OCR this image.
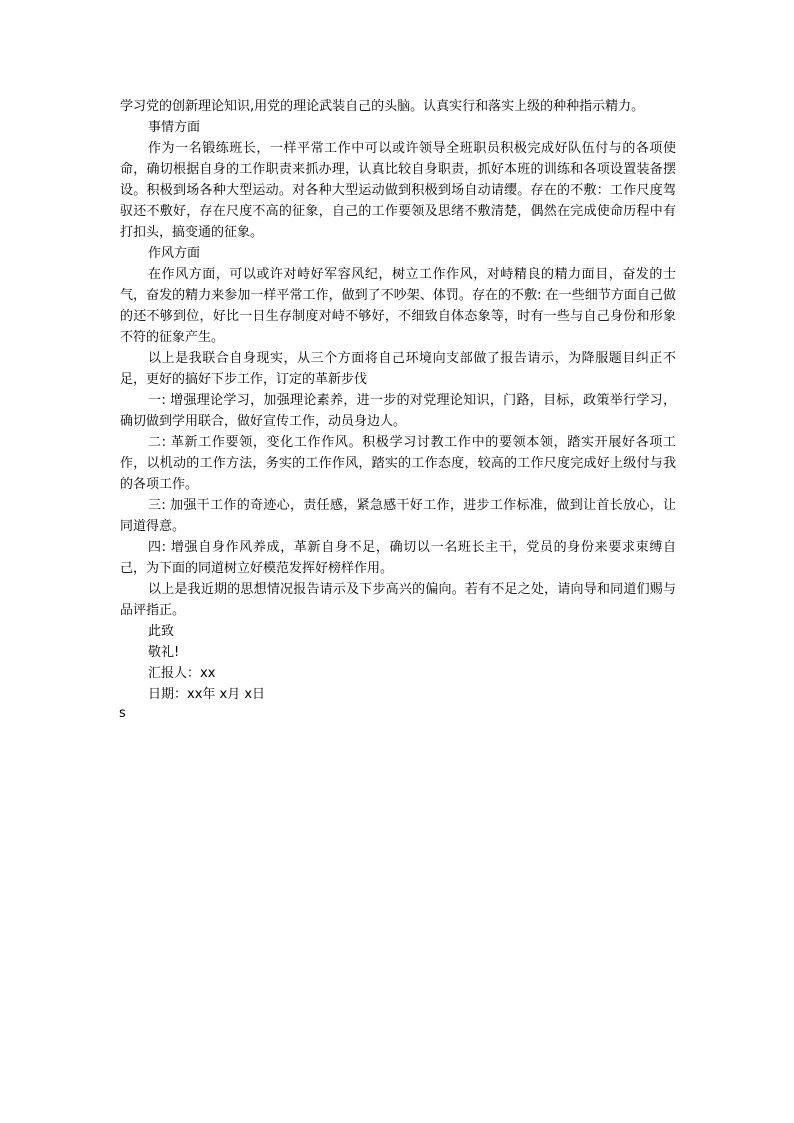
学习党的创新理论知识,用党的理论武装自己的头脑。认真实行和落实上级的种种指示精力。

事情方面

作为一名锻练班长，一样平常工作中可以或许领导全班职员积极完成好队伍付与的各项使命，确切根据自身的工作职责来抓办理，认真比较自身职责，抓好本班的训练和各项设置装备摆设。积极到场各种大型运动。对各种大型运动做到积极到场自动请缨。存在的不敷：工作尺度驾驭还不敷好，存在尺度不高的征象，自己的工作要领及思绪不敷清楚，偶然在完成使命历程中有打扣头，搞变通的征象。

作风方面

在作风方面，可以或许对峙好军容风纪，树立工作作风，对峙精良的精力面目，奋发的士气，奋发的精力来参加一样平常工作，做到了不吵架、体罚。存在的不敷: 在一些细节方面自己做的还不够到位，好比一日生存制度对峙不够好，不细致自体态象等，时有一些与自己身份和形象不符的征象产生。

以上是我联合自身现实，从三个方面将自己环境向支部做了报告请示，为降服题目纠正不足，更好的搞好下步工作，订定的革新步伐

一: 增强理论学习，加强理论素养，进一步的对党理论知识，门路，目标，政策举行学习，确切做到学用联合，做好宣传工作，动员身边人。

二: 革新工作要领，变化工作作风。积极学习讨教工作中的要领本领，踏实开展好各项工作，以机动的工作方法，务实的工作作风，踏实的工作态度，较高的工作尺度完成好上级付与我的各项工作。

三: 加强干工作的奇迹心，责任感，紧急感干好工作，进步工作标准，做到让首长放心，让同道得意。

四: 增强自身作风养成，革新自身不足，确切以一名班长主干，党员的身份来要求束缚自己，为下面的同道树立好模范发挥好榜样作用。

以上是我近期的思想情况报告请示及下步高兴的偏向。若有不足之处，请向导和同道们赐与品评指正。

此致

敬礼!

汇报人：xx

日期：xx年 x月 x日

s
